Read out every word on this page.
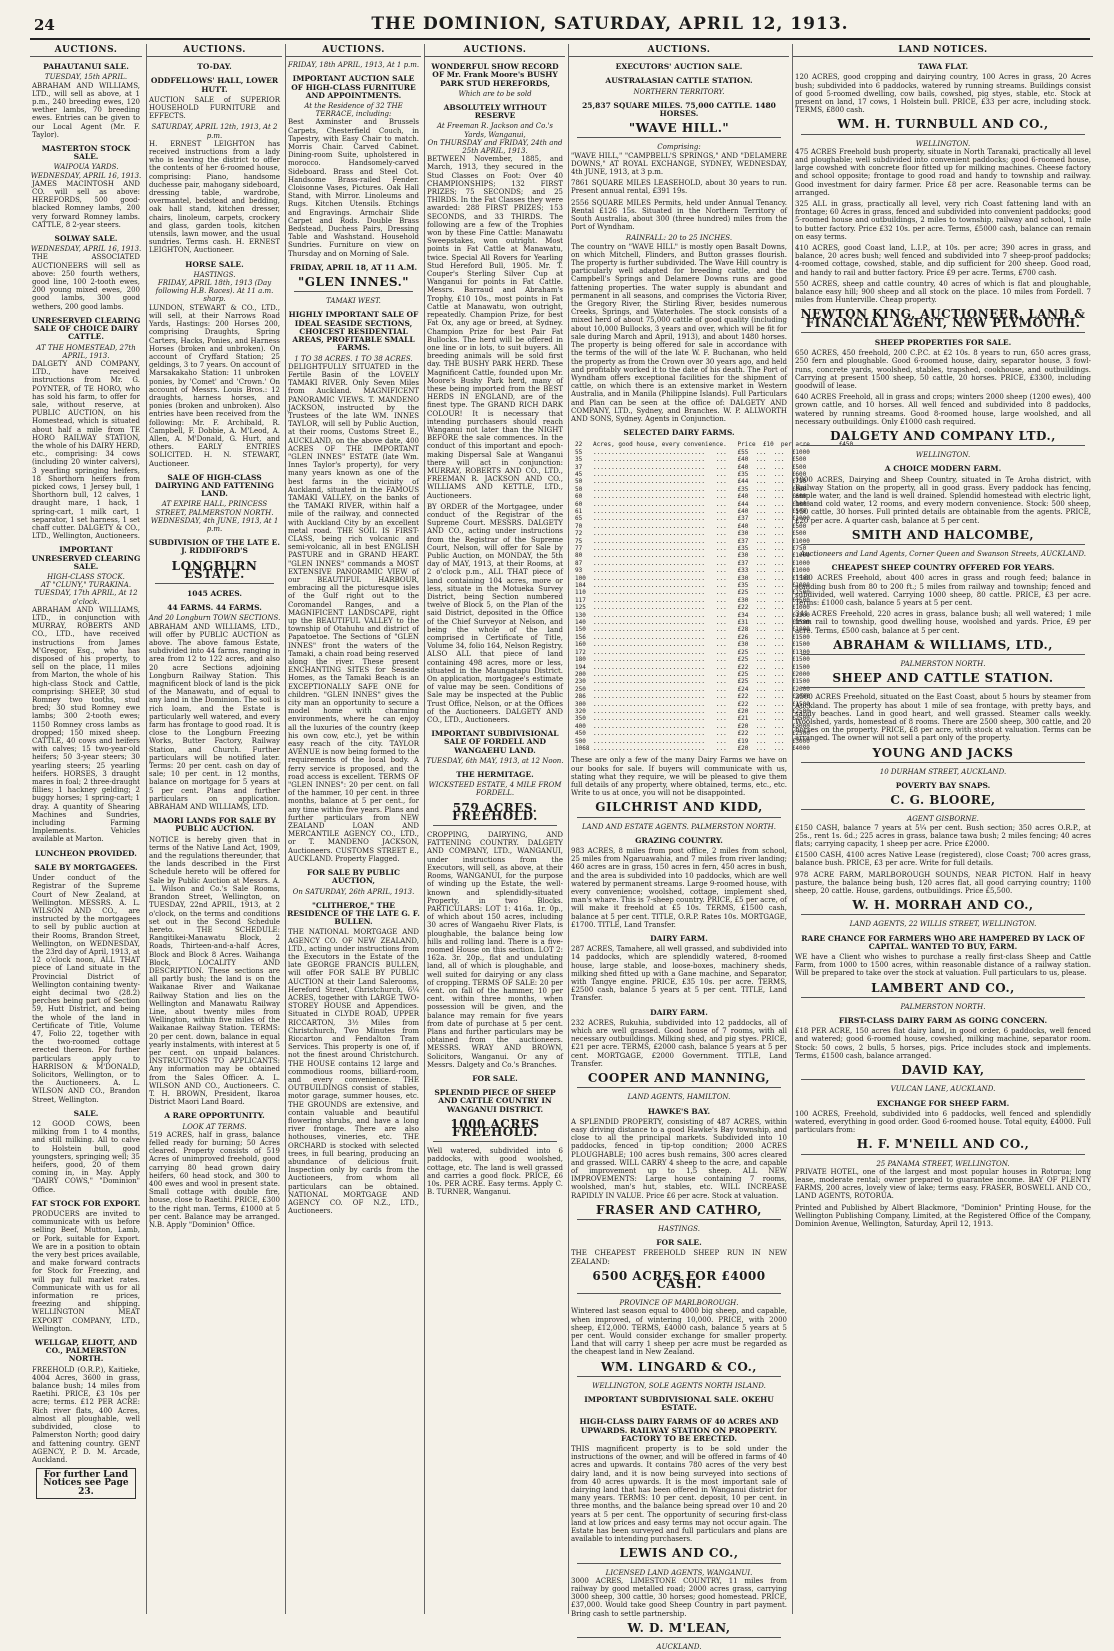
24	THE DOMINION, SATURDAY, APRIL 12, 1913.
AUCTIONS.
PAHAUTANUI SALE.
TUESDAY, 15th APRIL.
ABRAHAM AND WILLIAMS, LTD., will sell as above, at 1 p.m., 240 breeding ewes, 120 wether lambs, 70 breeding ewes. Entries can be given to our Local Agent (Mr. F. Taylor).
MASTERTON STOCK SALE.
WAIPOUA YARDS.
WEDNESDAY, APRIL 16, 1913.
JAMES MACINTOSH AND CO. will sell as above: HEREFORDS, 500 good-blacked Romney lambs, 200 very forward Romney lambs. CATTLE, 8 2-year steers.
SOLWAY SALE.
WEDNESDAY, APRIL 16, 1913.
THE ASSOCIATED AUCTIONEERS will sell as above: 250 fourth wethers, good line, 100 2-tooth ewes, 200 young mixed ewes, 200 good lambs, 300 good wethers, 200 good lambs.
UNRESERVED CLEARING SALE OF CHOICE DAIRY CATTLE.
AT THE HOMESTEAD, 27th APRIL, 1913.
DALGETY AND COMPANY, LTD., have received instructions from Mr. G. POYNTER, of TE HORO, who has sold his farm, to offer for sale, without reserve, at PUBLIC AUCTION, on his Homestead, which is situated about half a mile from TE HORO RAILWAY STATION, the whole of his DAIRY HERD, etc., comprising: 34 cows (including 20 winter calvers), 3 yearling springing heifers, 18 Shorthorn heifers from picked cows, 1 Jersey bull, 1 Shorthorn bull, 12 calves, 1 draught mare, 1 hack, 1 spring-cart, 1 milk cart, 1 separator, 1 set harness, 1 set chaff cutter. DALGETY & CO., LTD., Wellington, Auctioneers.
IMPORTANT UNRESERVED CLEARING SALE.
HIGH-CLASS STOCK.
AT "CLUNY," TURAKINA.
TUESDAY, 17th APRIL, At 12 o'clock.
ABRAHAM AND WILLIAMS, LTD., in conjunction with MURRAY, ROBERTS AND CO., LTD., have received instructions from James M'Gregor, Esq., who has disposed of his property, to sell on the place, 11 miles from Marton, the whole of his high-class Stock and Cattle, comprising: SHEEP, 30 stud Romney two tooths, stud bred; 30 stud Romney ewe lambs; 300 2-tooth ewes; 1150 Romney cross lambs as dropped; 150 mixed sheep. CATTLE, 40 cows and heifers with calves; 15 two-year-old heifers; 50 3-year steers; 30 yearling steers; 25 yearling heifers. HORSES, 3 draught mares in foal; 2 three-draught fillies; 1 hackney gelding; 2 buggy horses; 1 spring-cart; 1 dray. A quantity of Shearing Machines and Sundries, including Farming Implements. Vehicles available at Marton.
LUNCHEON PROVIDED.
SALE BY MORTGAGEES.
Under conduct of the Registrar of the Supreme Court of New Zealand, at Wellington. MESSRS. A. L. WILSON AND CO., are instructed by the mortgagees to sell by public auction at their Rooms, Brandon Street, Wellington, on WEDNESDAY, the 23rd day of April, 1913, at 12 o'clock noon, ALL THAT piece of Land situate in the Provincial District of Wellington containing twenty-eight decimal two (28.2) perches being part of Section 59, Hutt District, and being the whole of the land in Certificate of Title, Volume 47, Folio 22, together with the two-roomed cottage erected thereon. For further particulars apply to HARRISON & M'DONALD, Solicitors, Wellington, or to the Auctioneers. A. L. WILSON AND CO., Brandon Street, Wellington.
SALE.
12 GOOD COWS, been milking from 1 to 4 months, and still milking. All to calve to Holstein bull, good youngsters, springing well; 35 heifers, good, 20 of them coming in, in May. Apply "DAIRY COWS," "Dominion" Office.
FAT STOCK FOR EXPORT.
PRODUCERS are invited to communicate with us before selling Beef, Mutton, Lamb, or Pork, suitable for Export. We are in a position to obtain the very best prices available, and make forward contracts for Stock for Freezing, and will pay full market rates. Communicate with us for all information re prices, freezing and shipping. WELLINGTON MEAT EXPORT COMPANY, LTD., Wellington.
WELLGAP, ELIOTT, AND CO., PALMERSTON NORTH.
FREEHOLD (O.R.P.), Kaitieke, 4004 Acres, 3600 in grass, balance bush; 14 miles from Raetihi. PRICE, £3 10s per acre; terms. £12 PER ACRE: Rich river flats, 400 Acres, almost all ploughable, well subdivided, close to Palmerston North; good dairy and fattening country. GENT AGENCY, P. D. M. Arcade, Auckland.
For further Land Notices see Page 23.
AUCTIONS.
TO-DAY.
ODDFELLOWS' HALL, LOWER HUTT.
AUCTION SALE of SUPERIOR HOUSEHOLD FURNITURE and EFFECTS.
SATURDAY, APRIL 12th, 1913, At 2 p.m.
H. ERNEST LEIGHTON has received instructions from a lady who is leaving the district to offer the contents of her 6-roomed house, comprising: Piano, handsome duchesse pair, mahogany sideboard, dressing table, wardrobe, overmantel, bedstead and bedding, oak hall stand, kitchen dresser, chairs, linoleum, carpets, crockery and glass, garden tools, kitchen utensils, lawn mower, and the usual sundries. Terms cash. H. ERNEST LEIGHTON, Auctioneer.
HORSE SALE.
HASTINGS.
FRIDAY, APRIL 18th, 1913 (Day following H.B. Races). At 11 a.m. sharp.
LUNDON, STEWART & CO., LTD., will sell, at their Narrows Road Yards, Hastings: 200 Horses 200, comprising Draughts, Spring Carters, Hacks, Ponies, and Harness Horses (broken and unbroken). On account of Cryffard Station; 25 geldings, 3 to 7 years. On account of Marsakakaho Station: 11 unbroken ponies, by 'Comet' and 'Crown.' On account of Messrs. Louis Bros.: 12 draughts, harness horses, and ponies (broken and unbroken). Also entries have been received from the following: Mr. F. Archibald, R. Campbell, F. Dobbie, A. M'Leod, A. Allen, A. M'Donald, G. Hurt, and others. EARLY ENTRIES SOLICITED. H. N. STEWART, Auctioneer.
SALE OF HIGH-CLASS DAIRYING AND FATTENING LAND.
AT EXPIRE HALL, PRINCESS STREET, PALMERSTON NORTH.
WEDNESDAY, 4th JUNE, 1913, At 1 p.m.
SUBDIVISION OF THE LATE E. J. RIDDIFORD'S
LONGBURN ESTATE.
1045 ACRES.
44 FARMS. 44 FARMS.
And 20 Longburn TOWN SECTIONS.
ABRAHAM AND WILLIAMS, LTD., will offer by PUBLIC AUCTION as above. The above famous Estate, subdivided into 44 farms, ranging in area from 12 to 122 acres, and also 20 acre Sections adjoining Longburn Railway Station. This magnificent block of land is the pick of the Manawatu, and of equal to any land in the Dominion. The soil is rich loam, and the Estate is particularly well watered, and every farm has frontage to good road. It is close to the Longburn Freezing Works, Butter Factory, Railway Station, and Church. Further particulars will be notified later. Terms: 20 per cent. cash on day of sale; 10 per cent. in 12 months, balance on mortgage for 5 years at 5 per cent. Plans and further particulars on application. ABRAHAM AND WILLIAMS, LTD.
MAORI LANDS FOR SALE BY PUBLIC AUCTION.
NOTICE is hereby given that in terms of the Native Land Act, 1909, and the regulations thereunder, that the lands described in the First Schedule hereto will be offered for Sale by Public Auction at Messrs. A. L. Wilson and Co.'s Sale Rooms, Brandon Street, Wellington, on TUESDAY, 22nd APRIL, 1913, at 2 o'clock, on the terms and conditions set out in the Second Schedule hereto. THE SCHEDULE: Rangitikei-Manawatu Block, 2 Roads, Thirteen-and-a-half Acres, Block and Block 8 Acres. Waihanga Block, LOCALITY AND DESCRIPTION. These sections are all partly bush; the land is on the Waikanae River and Waikanae Railway Station and lies on the Wellington and Manawatu Railway Line, about twenty miles from Wellington, within five miles of the Waikanae Railway Station. TERMS: 20 per cent. down, balance in equal yearly instalments, with interest at 5 per cent. on unpaid balances. INSTRUCTIONS TO APPLICANTS: Any information may be obtained from the Sales Officer. A. L. WILSON AND CO., Auctioneers. C. T. H. BROWN, President, Ikaroa District Maori Land Board.
A RARE OPPORTUNITY.
LOOK AT TERMS.
519 ACRES, half in grass, balance felled ready for burning; 50 Acres cleared. Property consists of 519 Acres of unimproved freehold, good carrying 80 head grown dairy heifers, 60 head stock, and 300 to 400 ewes and wool in present state. Small cottage with double fire, house, close to Raetihi. PRICE, £300 to the right man. Terms, £1000 at 5 per cent. Balance may be arranged. N.B. Apply "Dominion" Office.
AUCTIONS.
FRIDAY, 18th APRIL, 1913, At 1 p.m.
IMPORTANT AUCTION SALE OF HIGH-CLASS FURNITURE AND APPOINTMENTS.
At the Residence of 32 THE TERRACE, including:
Best Axminster and Brussels Carpets, Chesterfield Couch, in Tapestry, with Easy Chair to match. Morris Chair. Carved Cabinet. Dining-room Suite, upholstered in morocco. Handsomely-carved Sideboard. Brass and Steel Cot. Handsome Brass-railed Fender. Cloisonne Vases, Pictures. Oak Hall Stand, with Mirror. Linoleums and Rugs. Kitchen Utensils. Etchings and Engravings. Armchair Slide Carpet and Rods. Double Brass Bedstead, Duchess Pairs, Dressing Table and Washstand. Household Sundries. Furniture on view on Thursday and on Morning of Sale.
FRIDAY, APRIL 18, AT 11 A.M.
"GLEN INNES."
TAMAKI WEST.
HIGHLY IMPORTANT SALE OF IDEAL SEASIDE SECTIONS, CHOICEST RESIDENTIAL AREAS, PROFITABLE SMALL FARMS.
1 TO 38 ACRES. 1 TO 38 ACRES.
DELIGHTFULLY SITUATED in the Fertile Basin of the LOVELY TAMAKI RIVER. Only Seven Miles from Auckland. MAGNIFICENT PANORAMIC VIEWS. T. MANDENO JACKSON, instructed by the Trustees of the late WM. INNES TAYLOR, will sell by Public Auction, at their rooms, Customs Street E., AUCKLAND, on the above date, 400 ACRES OF THE IMPORTANT "GLEN INNES" ESTATE (late Wm. Innes Taylor's property), for very many years known as one of the best farms in the vicinity of Auckland, situated in the FAMOUS TAMAKI VALLEY, on the banks of the TAMAKI RIVER, within half a mile of the railway, and connected with Auckland City by an excellent metal road. THE SOIL IS FIRST-CLASS, being rich volcanic and semi-volcanic, all in best ENGLISH PASTURE and in GRAND HEART. "GLEN INNES" commands a MOST EXTENSIVE PANORAMIC VIEW of our BEAUTIFUL HARBOUR, embracing all the picturesque isles of the Gulf right out to the Coromandel Ranges, and a MAGNIFICENT LANDSCAPE, right up the BEAUTIFUL VALLEY to the township of Otahuhu and district of Papatoetoe. The Sections of "GLEN INNES" front the waters of the Tamaki, a chain road being reserved along the river. These present ENCHANTING SITES for Seaside Homes, as the Tamaki Beach is an EXCEPTIONALLY SAFE ONE for children. "GLEN INNES" gives the city man an opportunity to secure a model home with charming environments, where he can enjoy all the luxuries of the country (keep his own cow, etc.), yet be within easy reach of the city. TAYLOR AVENUE is now being formed to the requirements of the local body. A ferry service is proposed, and the road access is excellent. TERMS OF "GLEN INNES": 20 per cent. on fall of the hammer, 10 per cent. in three months, balance at 5 per cent., for any time within five years. Plans and further particulars from NEW ZEALAND LOAN AND MERCANTILE AGENCY CO., LTD., or T. MANDENO JACKSON, Auctioneers. CUSTOMS STREET E., AUCKLAND. Property Flagged.
FOR SALE BY PUBLIC AUCTION,
On SATURDAY, 26th APRIL, 1913.
"CLITHEROE," THE RESIDENCE OF THE LATE G. F. BULLEN.
THE NATIONAL MORTGAGE AND AGENCY CO. OF NEW ZEALAND, LTD., acting under instructions from the Executors in the Estate of the late GEORGE FRANCIS BULLEN, will offer FOR SALE BY PUBLIC AUCTION at their Land Salerooms, Hereford Street, Christchurch, 6¼ ACRES, together with LARGE TWO-STOREY HOUSE and Appendices. Situated in CLYDE ROAD, UPPER RICCARTON, 3½ Miles from Christchurch, Two Minutes from Riccarton and Fendalton Tram Services. This property is one of, if not the finest around Christchurch. THE HOUSE contains 12 large and commodious rooms, billiard-room, and every convenience. THE OUTBUILDINGS consist of stables, motor garage, summer houses, etc. THE GROUNDS are extensive, and contain valuable and beautiful flowering shrubs, and have a long river frontage. There are also hothouses, vineries, etc. THE ORCHARD is stocked with selected trees, in full bearing, producing an abundance of delicious fruit. Inspection only by cards from the Auctioneers, from whom all particulars can be obtained. NATIONAL MORTGAGE AND AGENCY CO. OF N.Z., LTD., Auctioneers.
AUCTIONS.
WONDERFUL SHOW RECORD OF Mr. Frank Moore's BUSHY PARK STUD HEREFORDS,
Which are to be sold
ABSOLUTELY WITHOUT RESERVE
At Freeman R. Jackson and Co.'s Yards, Wanganui,
On THURSDAY and FRIDAY, 24th and 25th APRIL, 1913.
BETWEEN November, 1885, and March, 1913, they secured in the Stud Classes on Foot: Over 40 CHAMPIONSHIPS; 132 FIRST PRIZES; 75 SECONDS; and 25 THIRDS. In the Fat Classes they were awarded: 288 FIRST PRIZES; 153 SECONDS, and 33 THIRDS. The following are a few of the Trophies won by these Fine Cattle: Manawatu Sweepstakes, won outright. Most points in Fat Cattle at Manawatu, twice. Special All Rovers for Yearling Stud Hereford Bull, 1905. Mr. T. Couper's Sterling Silver Cup at Wanganui for points in Fat Cattle. Messrs. Barraud and Abraham's Trophy, £10 10s., most points in Fat Cattle at Manawatu, won outright, repeatedly. Champion Prize, for best Fat Ox, any age or breed, at Sydney. Champion Prize for best Pair Fat Bullocks. The herd will be offered in one line or in lots, to suit buyers. All breeding animals will be sold first day. THE BUSHY PARK HERD. These Magnificent Cattle, founded upon Mr. Moore's Bushy Park herd, many of these being imported from the BEST HERDS IN ENGLAND, are of the finest type. The GRAND RICH DARK COLOUR! It is necessary that intending purchasers should reach Wanganui not later than the NIGHT BEFORE the sale commences. In the conduct of this important and epoch-making Dispersal Sale at Wanganui there will act in conjunction: MURRAY, ROBERTS AND CO., LTD., FREEMAN R. JACKSON AND CO., WILLIAMS AND KETTLE, LTD., Auctioneers.
BY ORDER of the Mortgagee, under conduct of the Registrar of the Supreme Court. MESSRS. DALGETY AND CO., acting under instructions from the Registrar of the Supreme Court, Nelson, will offer for Sale by Public Auction, on MONDAY, the 5th day of MAY, 1913, at their Rooms, at 2 o'clock p.m., ALL THAT piece of land containing 104 acres, more or less, situate in the Motueka Survey District, being Section numbered twelve of Block 5, on the Plan of the said District, deposited in the Office of the Chief Surveyor at Nelson, and being the whole of the land comprised in Certificate of Title, Volume 34, folio 164, Nelson Registry. ALSO ALL that piece of land containing 498 acres, more or less, situated in the Maungatapu District. On application, mortgagee's estimate of value may be seen. Conditions of Sale may be inspected at the Public Trust Office, Nelson, or at the Offices of the Auctioneers. DALGETY AND CO., LTD., Auctioneers.
IMPORTANT SUBDIVISIONAL SALE OF FORDELL AND WANGAEHU LAND.
TUESDAY, 6th MAY, 1913, at 12 Noon.
THE HERMITAGE.
WICKSTEED ESTATE, 4 MILE FROM FORDELL.
579 ACRES. FREEHOLD.
CROPPING, DAIRYING, AND FATTENING COUNTRY. DALGETY AND COMPANY, LTD., WANGANUI, under instructions from the Executors, will sell, as above, at their Rooms, WANGANUI, for the purpose of winding up the Estate, the well-known and splendidly-situated Property, in two Blocks. PARTICULARS: LOT 1: 416a. 1r. 0p., of which about 150 acres, including 30 acres of Wangaehu River Flats, is ploughable, the balance being low hills and rolling land. There is a five-roomed House on this section. LOT 2: 162a. 3r. 20p., flat and undulating land, all of which is ploughable, and well suited for dairying or any class of cropping. TERMS OF SALE: 20 per cent. on fall of the hammer, 10 per cent. within three months, when possession will be given, and the balance may remain for five years from date of purchase at 5 per cent. Plans and further particulars may be obtained from the auctioneers. MESSRS. WRAY AND BROWN, Solicitors, Wanganui. Or any of Messrs. Dalgety and Co.'s Branches.
FOR SALE.
SPLENDID PIECE OF SHEEP AND CATTLE COUNTRY IN WANGANUI DISTRICT.
1000 ACRES FREEHOLD.
Well watered, subdivided into 6 paddocks, with good woolshed, cottage, etc. The land is well grassed and carries a good flock. PRICE, £6 10s. PER ACRE. Easy terms. Apply C. B. TURNER, Wanganui.
AUCTIONS.
EXECUTORS' AUCTION SALE.
AUSTRALASIAN CATTLE STATION.
NORTHERN TERRITORY.
25,837 SQUARE MILES. 75,000 CATTLE. 1480 HORSES.
"WAVE HILL."
Comprising:
"WAVE HILL," "CAMPBELL'S SPRINGS," AND "DELAMERE DOWNS," AT ROYAL EXCHANGE, SYDNEY, WEDNESDAY, 4th JUNE, 1913, at 3 p.m.
7861 SQUARE MILES LEASEHOLD, about 30 years to run. Present annual rental, £391 19s.
2556 SQUARE MILES Permits, held under Annual Tenancy. Rental £126 15s. Situated in the Northern Territory of South Australia, about 300 (three hundred) miles from the Port of Wyndham.
RAINFALL: 20 to 25 INCHES.
The country on "WAVE HILL" is mostly open Basalt Downs, on which Mitchell, Flinders, and Button grasses flourish. The property is further subdivided. The Wave Hill country is particularly well adapted for breeding cattle, and the Campbell's Springs and Delamere Downs runs are good fattening properties. The water supply is abundant and permanent in all seasons, and comprises the Victoria River, the Gregory River, the Stirling River, besides numerous Creeks, Springs, and Waterholes. The stock consists of a mixed herd of about 75,000 cattle of good quality (including about 10,000 Bullocks, 3 years and over, which will be fit for sale during March and April, 1913), and about 1480 horses. The property is being offered for sale in accordance with the terms of the will of the late W. F. Buchanan, who held the property as from the Crown over 30 years ago, and held and profitably worked it to the date of his death. The Port of Wyndham offers exceptional facilities for the shipment of cattle, on which there is an extensive market in Western Australia, and in Manila (Philippine Islands). Full Particulars and Plan can be seen at the office of: DALGETY AND COMPANY, LTD., Sydney, and Branches. W. P. ALLWORTH AND SONS, Sydney. Agents in Conjunction.
SELECTED DAIRY FARMS.
22   Acres, good house, every convenience.   Price  £10  per acre.  ...  £450
55   ...............................   ...   £55  ...  ...  £1000
35   ...............................   ...   £40  ...  ...  £500
37   ...............................   ...   £40  ...  ...  £500
45   ...............................   ...   £35  ...  ...  £600
50   ...............................   ...   £44  ...  ...  £750
50   ...............................   ...   £35  ...  ...  £500
60   ...............................   ...   £40  ...  ...  £600
60   ...............................   ...   £44  ...  ...  £1000
61   ...............................   ...   £40  ...  ...  £500
65   ...............................   ...   £37  ...  ...  £1000
70   ...............................   ...   £40  ...  ...  £500
72   ...............................   ...   £30  ...  ...  £500
75   ...............................   ...   £37  ...  ...  £1000
77   ...............................   ...   £35  ...  ...  £750
80   ...............................   ...   £30  ...  ...  £1000
87   ...............................   ...   £37  ...  ...  £1000
93   ...............................   ...   £33  ...  ...  £1000
100  ...............................   ...   £30  ...  ...  £1500
104  ...............................   ...   £35  ...  ...  £1000
110  ...............................   ...   £25  ...  ...  £1500
117  ...............................   ...   £30  ...  ...  £1500
125  ...............................   ...   £22  ...  ...  £1000
130  ...............................   ...   £34  ...  ...  £1200
140  ...............................   ...   £31  ...  ...  £1500
150  ...............................   ...   £28  ...  ...  £1000
156  ...............................   ...   £26  ...  ...  £1500
160  ...............................   ...   £30  ...  ...  £1500
172  ...............................   ...   £25  ...  ...  £1300
180  ...............................   ...   £25  ...  ...  £1500
194  ...............................   ...   £22  ...  ...  £1500
200  ...............................   ...   £25  ...  ...  £2000
230  ...............................   ...   £25  ...  ...  £1500
250  ...............................   ...   £24  ...  ...  £2000
286  ...............................   ...   £22  ...  ...  £2000
300  ...............................   ...   £22  ...  ...  £1500
320  ...............................   ...   £20  ...  ...  £2500
350  ...............................   ...   £21  ...  ...  £2500
400  ...............................   ...   £20  ...  ...  £3000
450  ...............................   ...   £22  ...  ...  £2500
500  ...............................   ...   £19  ...  ...  £3000
1068 ...............................   ...   £20  ...  ...  £4000
These are only a few of the many Dairy Farms we have on our books for sale. If buyers will communicate with us, stating what they require, we will be pleased to give them full details of any property, where obtained, terms, etc., etc. Write to us at once, you will not be disappointed.
GILCHRIST AND KIDD,
LAND AND ESTATE AGENTS. PALMERSTON NORTH.
GRAZING COUNTRY.
983 ACRES, 8 miles from post office, 2 miles from school, 25 miles from Ngaruawahia, and 7 miles from river landing; 460 acres are in grass, 150 acres in fern, 450 acres in bush, and the area is subdivided into 10 paddocks, which are well watered by permanent streams. Large 9-roomed house, with every convenience; woolshed, cottage, implement shed, man's whare. This is 7-sheep country. PRICE, £5 per acre, of will make it freehold at £5 10s. TERMS, £1500 cash, balance at 5 per cent. TITLE, O.R.P. Rates 10s. MORTGAGE, £1700. TITLE, Land Transfer.
DAIRY FARM.
287 ACRES, Tamahere, all well grassed, and subdivided into 14 paddocks, which are splendidly watered, 8-roomed house, large stable, and loose-boxes, machinery sheds, milking shed fitted up with a Gane machine, and Separator, with Tangye engine. PRICE, £35 10s. per acre. TERMS, £2500 cash, balance 5 years at 5 per cent. TITLE, Land Transfer.
DAIRY FARM.
232 ACRES, Rukuhia, subdivided into 12 paddocks, all of which are well grassed. Good house of 7 rooms, with all necessary outbuildings. Milking shed, and pig styes. PRICE, £21 per acre. TERMS, £2000 cash, balance 5 years at 5 per cent. MORTGAGE, £2000 Government. TITLE, Land Transfer.
COOPER AND MANNING,
LAND AGENTS, HAMILTON.
HAWKE'S BAY.
A SPLENDID PROPERTY, consisting of 487 ACRES, within easy driving distance to a good Hawke's Bay township, and close to all the principal markets. Subdivided into 10 paddocks, fenced in tip-top condition; 2000 ACRES PLOUGHABLE; 100 acres bush remains, 300 acres cleared and grassed. WILL CARRY 4 sheep to the acre, and capable of improvement up to 1,5 sheep. ALL NEW IMPROVEMENTS: Large house containing 7 rooms, woolshed, man's hut, stables, etc. WILL INCREASE RAPIDLY IN VALUE. Price £6 per acre. Stock at valuation.
FRASER AND CATHRO,
HASTINGS.
FOR SALE.
THE CHEAPEST FREEHOLD SHEEP RUN IN NEW ZEALAND:
6500 ACRES FOR £4000 CASH.
PROVINCE OF MARLBOROUGH.
Wintered last season equal to 4000 big sheep, and capable, when improved, of wintering 10,000. PRICE, with 2000 sheep, £12,000. TERMS, £4000 cash, balance 5 years at 5 per cent. Would consider exchange for smaller property. Land that will carry 1 sheep per acre must be regarded as the cheapest land in New Zealand.
WM. LINGARD & CO.,
WELLINGTON, SOLE AGENTS NORTH ISLAND.
IMPORTANT SUBDIVISIONAL SALE. OKEHU ESTATE.
HIGH-CLASS DAIRY FARMS OF 40 ACRES AND UPWARDS. RAILWAY STATION ON PROPERTY. FACTORY TO BE ERECTED.
THIS magnificent property is to be sold under the instructions of the owner, and will be offered in farms of 40 acres and upwards. It contains 780 acres of the very best dairy land, and it is now being surveyed into sections of from 40 acres upwards. It is the most important sale of dairying land that has been offered in Wanganui district for many years. TERMS: 10 per cent. deposit, 10 per cent. in three months, and the balance being spread over 10 and 20 years at 5 per cent. The opportunity of securing first-class land at low prices and easy terms may not occur again. The Estate has been surveyed and full particulars and plans are available to intending purchasers.
LEWIS AND CO.,
LICENSED LAND AGENTS, WANGANUI.
3000 ACRES, LIMESTONE COUNTRY, 11 miles from railway by good metalled road; 2000 acres grass, carrying 3000 sheep, 300 cattle, 30 horses; good homestead. PRICE, £37,000. Would take good Sheep Country in part payment. Bring cash to settle partnership.
W. D. M'LEAN,
AUCKLAND.
LAND NOTICES.
TAWA FLAT.
120 ACRES, good cropping and dairying country, 100 Acres in grass, 20 Acres bush; subdivided into 6 paddocks, watered by running streams. Buildings consist of good 5-roomed dwelling, cow bails, cowshed, pig styes, stable, etc. Stock at present on land, 17 cows, 1 Holstein bull. PRICE, £33 per acre, including stock. TERMS, £800 cash.
WM. H. TURNBULL AND CO.,
WELLINGTON.
475 ACRES Freehold bush property, situate in North Taranaki, practically all level and ploughable; well subdivided into convenient paddocks; good 6-roomed house, large cowshed with concrete floor fitted up for milking machines. Cheese factory and school opposite; frontage to good road and handy to township and railway. Good investment for dairy farmer. Price £8 per acre. Reasonable terms can be arranged.
325 ALL in grass, practically all level, very rich Coast fattening land with an frontage; 60 Acres in grass, fenced and subdivided into convenient paddocks; good 5-roomed house and outbuildings, 2 miles to township, railway and school, 1 mile to butter factory. Price £32 10s. per acre. Terms, £5000 cash, balance can remain on easy terms.
410 ACRES, good Coast land, L.I.P., at 10s. per acre; 390 acres in grass, and balance, 20 acres bush; well fenced and subdivided into 7 sheep-proof paddocks; 4-roomed cottage, cowshed, stable, and dip sufficient for 200 sheep. Good road, and handy to rail and butter factory. Price £9 per acre. Terms, £700 cash.
550 ACRES, sheep and cattle country, 40 acres of which is flat and ploughable, balance easy hill; 900 sheep and all stock on the place. 10 miles from Fordell. 7 miles from Hunterville. Cheap property.
NEWTON KING, AUCTIONEER, LAND & FINANCIAL AGENT, NEW PLYMOUTH.
SHEEP PROPERTIES FOR SALE.
650 ACRES, 450 freehold, 200 C.P.C. at £2 10s. 8 years to run, 650 acres grass, 250 fern and ploughable. Good 6-roomed house, dairy, separator house, 3 fowl-runs, concrete yards, woolshed, stables, trapshed, cookhouse, and outbuildings. Carrying at present 1500 sheep, 50 cattle, 20 horses. PRICE, £3300, including goodwill of lease.
640 ACRES Freehold, all in grass and crops; winters 2000 sheep (1200 ewes), 400 grown cattle, and 10 horses. All well fenced and subdivided into 8 paddocks, watered by running streams. Good 8-roomed house, large woolshed, and all necessary outbuildings. Only £1000 cash required.
DALGETY AND COMPANY LTD.,
WELLINGTON.
A CHOICE MODERN FARM.
1900 ACRES, Dairying and Sheep Country, situated in Te Aroha district, with Railway Station on the property, all in good grass. Every paddock has fencing, ample water, and the land is well drained. Splendid homestead with electric light, hot and cold water, 12 rooms, and every modern convenience. Stock: 500 sheep, 150 cattle, 30 horses. Full printed details are obtainable from the agents. PRICE, £20 per acre. A quarter cash, balance at 5 per cent.
SMITH AND HALCOMBE,
Auctioneers and Land Agents, Corner Queen and Swanson Streets, AUCKLAND.
CHEAPEST SHEEP COUNTRY OFFERED FOR YEARS.
1180 ACRES Freehold, about 400 acres in grass and rough feed; balance in standing bush from 80 to 200 ft.; 5 miles from railway and township; fenced and subdivided, well watered. Carrying 1000 sheep, 80 cattle. PRICE, £3 per acre. Terms: £1000 cash, balance 5 years at 5 per cent.
341 ACRES Freehold, 220 acres in grass, balance bush; all well watered; 1 mile from rail to township, good dwelling house, woolshed and yards. Price, £9 per acre. Terms, £500 cash, balance at 5 per cent.
ABRAHAM & WILLIAMS, LTD.,
PALMERSTON NORTH.
SHEEP AND CATTLE STATION.
3500 ACRES Freehold, situated on the East Coast, about 5 hours by steamer from Auckland. The property has about 1 mile of sea frontage, with pretty bays, and sandy beaches. Land in good heart, and well grassed. Steamer calls weekly. Woolshed, yards, homestead of 8 rooms. There are 2500 sheep, 300 cattle, and 20 horses on the property. PRICE, £8 per acre, with stock at valuation. Terms can be arranged. The owner will not sell a part only of the property.
YOUNG AND JACKS
10 DURHAM STREET, AUCKLAND.
POVERTY BAY SNAPS.
C. G. BLOORE,
AGENT GISBORNE.
£150 CASH, balance 7 years at 5¼ per cent. Bush section; 350 acres O.R.P., at 25s., rent 1s. 6d.; 225 acres in grass, balance tawa bush; 2 miles fencing; 40 acres flats; carrying capacity, 1 sheep per acre. Price £2000.
£1500 CASH, 4100 acres Native Lease (registered), close Coast; 700 acres grass, balance bush. PRICE, £3 per acre. Write for full details.
978 ACRE FARM, MARLBOROUGH SOUNDS, NEAR PICTON. Half in heavy pasture, the balance being bush, 120 acres flat, all good carrying country; 1100 sheep, 20 cattle. House, gardens, outbuildings. Price £5,500.
W. H. MORRAH AND CO.,
LAND AGENTS, 22 WILLIS STREET, WELLINGTON.
RARE CHANCE FOR FARMERS WHO ARE HAMPERED BY LACK OF CAPITAL. WANTED TO BUY, FARM.
WE have a Client who wishes to purchase a really first-class Sheep and Cattle Farm, from 1000 to 1500 acres, within reasonable distance of a railway station. Will be prepared to take over the stock at valuation. Full particulars to us, please.
LAMBERT AND CO.,
PALMERSTON NORTH.
FIRST-CLASS DAIRY FARM AS GOING CONCERN.
£18 PER ACRE, 150 acres flat dairy land, in good order, 6 paddocks, well fenced and watered; good 6-roomed house, cowshed, milking machine, separator room. Stock: 50 cows, 2 bulls, 5 horses, pigs. Price includes stock and implements. Terms, £1500 cash, balance arranged.
DAVID KAY,
VULCAN LANE, AUCKLAND.
EXCHANGE FOR SHEEP FARM.
100 ACRES, Freehold, subdivided into 6 paddocks, well fenced and splendidly watered, everything in good order. Good 6-roomed house. Total equity, £4000. Full particulars from:
H. F. M'NEILL AND CO.,
25 PANAMA STREET, WELLINGTON.
PRIVATE HOTEL, one of the largest and most popular houses in Rotorua; long lease, moderate rental; owner prepared to guarantee income. BAY OF PLENTY FARMS, 200 acres, lovely view of lake; terms easy. FRASER, BOSWELL AND CO., LAND AGENTS, ROTORUA.
Printed and Published by Albert Blackmore, "Dominion" Printing House, for the Wellington Publishing Company, Limited, at the Registered Office of the Company, Dominion Avenue, Wellington, Saturday, April 12, 1913.
